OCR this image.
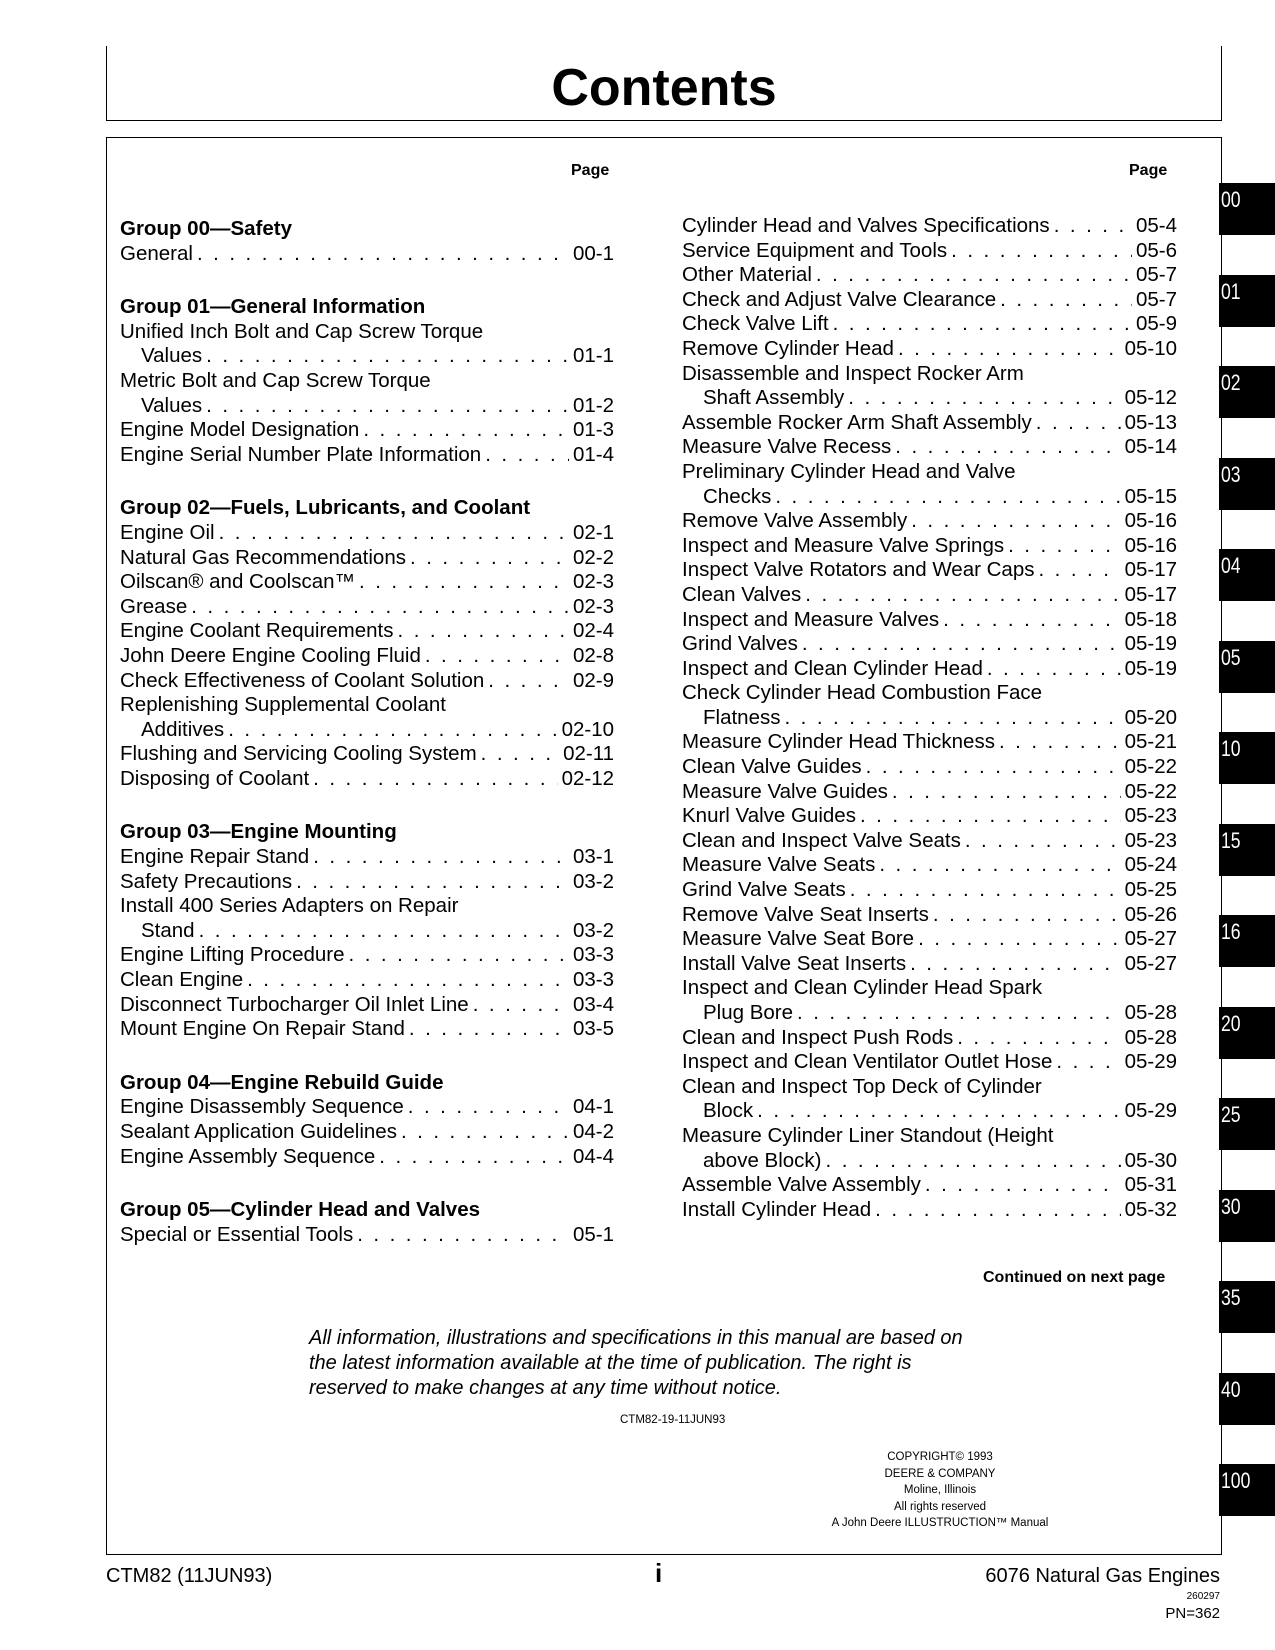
Contents
Page	Page
Group 00—Safety
General . . .	00-1
Group 01—General Information
Unified Inch Bolt and Cap Screw Torque
Values . . .	01-1
Metric Bolt and Cap Screw Torque
Values . . .	01-2
Engine Model Designation . . .	01-3
Engine Serial Number Plate Information . . .	01-4
Group 02—Fuels, Lubricants, and Coolant
Engine Oil . . .	02-1
Natural Gas Recommendations . . .	02-2
Oilscan® and Coolscan™ . . .	02-3
Grease . . .	02-3
Engine Coolant Requirements . . .	02-4
John Deere Engine Cooling Fluid . . .	02-8
Check Effectiveness of Coolant Solution . . .	02-9
Replenishing Supplemental Coolant
Additives . . .	02-10
Flushing and Servicing Cooling System . . .	02-11
Disposing of Coolant . . .	02-12
Group 03—Engine Mounting
Engine Repair Stand . . .	03-1
Safety Precautions . . .	03-2
Install 400 Series Adapters on Repair
Stand . . .	03-2
Engine Lifting Procedure . . .	03-3
Clean Engine . . .	03-3
Disconnect Turbocharger Oil Inlet Line . . .	03-4
Mount Engine On Repair Stand . . .	03-5
Group 04—Engine Rebuild Guide
Engine Disassembly Sequence . . .	04-1
Sealant Application Guidelines . . .	04-2
Engine Assembly Sequence . . .	04-4
Group 05—Cylinder Head and Valves
Special or Essential Tools . . .	05-1
Cylinder Head and Valves Specifications . . .	05-4
Service Equipment and Tools . . .	05-6
Other Material . . .	05-7
Check and Adjust Valve Clearance . . .	05-7
Check Valve Lift . . .	05-9
Remove Cylinder Head . . .	05-10
Disassemble and Inspect Rocker Arm
Shaft Assembly . . .	05-12
Assemble Rocker Arm Shaft Assembly . . .	05-13
Measure Valve Recess . . .	05-14
Preliminary Cylinder Head and Valve
Checks . . .	05-15
Remove Valve Assembly . . .	05-16
Inspect and Measure Valve Springs . . .	05-16
Inspect Valve Rotators and Wear Caps . . .	05-17
Clean Valves . . .	05-17
Inspect and Measure Valves . . .	05-18
Grind Valves . . .	05-19
Inspect and Clean Cylinder Head . . .	05-19
Check Cylinder Head Combustion Face
Flatness . . .	05-20
Measure Cylinder Head Thickness . . .	05-21
Clean Valve Guides . . .	05-22
Measure Valve Guides . . .	05-22
Knurl Valve Guides . . .	05-23
Clean and Inspect Valve Seats . . .	05-23
Measure Valve Seats . . .	05-24
Grind Valve Seats . . .	05-25
Remove Valve Seat Inserts . . .	05-26
Measure Valve Seat Bore . . .	05-27
Install Valve Seat Inserts . . .	05-27
Inspect and Clean Cylinder Head Spark
Plug Bore . . .	05-28
Clean and Inspect Push Rods . . .	05-28
Inspect and Clean Ventilator Outlet Hose . . .	05-29
Clean and Inspect Top Deck of Cylinder
Block . . .	05-29
Measure Cylinder Liner Standout (Height
above Block) . . .	05-30
Assemble Valve Assembly . . .	05-31
Install Cylinder Head . . .	05-32
Continued on next page
All information, illustrations and specifications in this manual are based on
the latest information available at the time of publication. The right is
reserved to make changes at any time without notice.
CTM82-19-11JUN93
COPYRIGHT© 1993
DEERE & COMPANY
Moline, Illinois
All rights reserved
A John Deere ILLUSTRUCTION™ Manual
00
01
02
03
04
05
10
15
16
20
25
30
35
40
100
CTM82 (11JUN93)	i	6076 Natural Gas Engines
260297
PN=362
